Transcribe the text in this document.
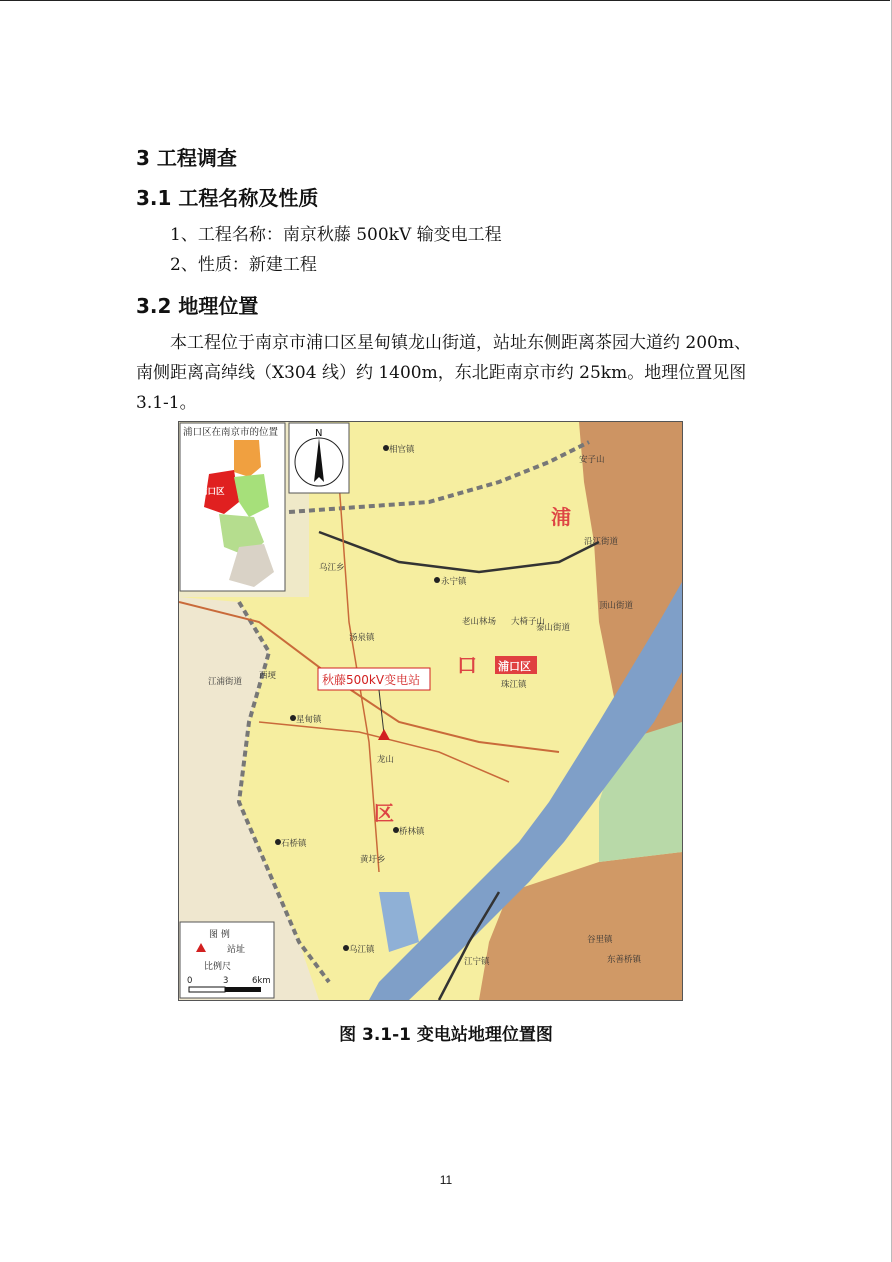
3 工程调查
3.1 工程名称及性质
1、工程名称：南京秋藤 500kV 输变电工程
2、性质：新建工程
3.2 地理位置
本工程位于南京市浦口区星甸镇龙山街道，站址东侧距离茶园大道约 200m、南侧距离高绰线（X304 线）约 1400m，东北距南京市约 25km。地理位置见图 3.1-1。
浦口区在南京市的位置
浦口区
N
浦
口
区
浦口区
秋藤500kV变电站
相官镇
汤泉镇
永宁镇
老山林场 大椅子山
珠江镇
星甸镇
龙山
桥林镇
石桥镇
乌江镇
江宁镇	东善桥镇
谷里镇
泰山街道
顶山街道
沿江街道
江浦街道
乌江乡
黄圩乡
西埂
安子山
图 例
站址
比例尺
0	3	6km
图 3.1-1 变电站地理位置图
11
